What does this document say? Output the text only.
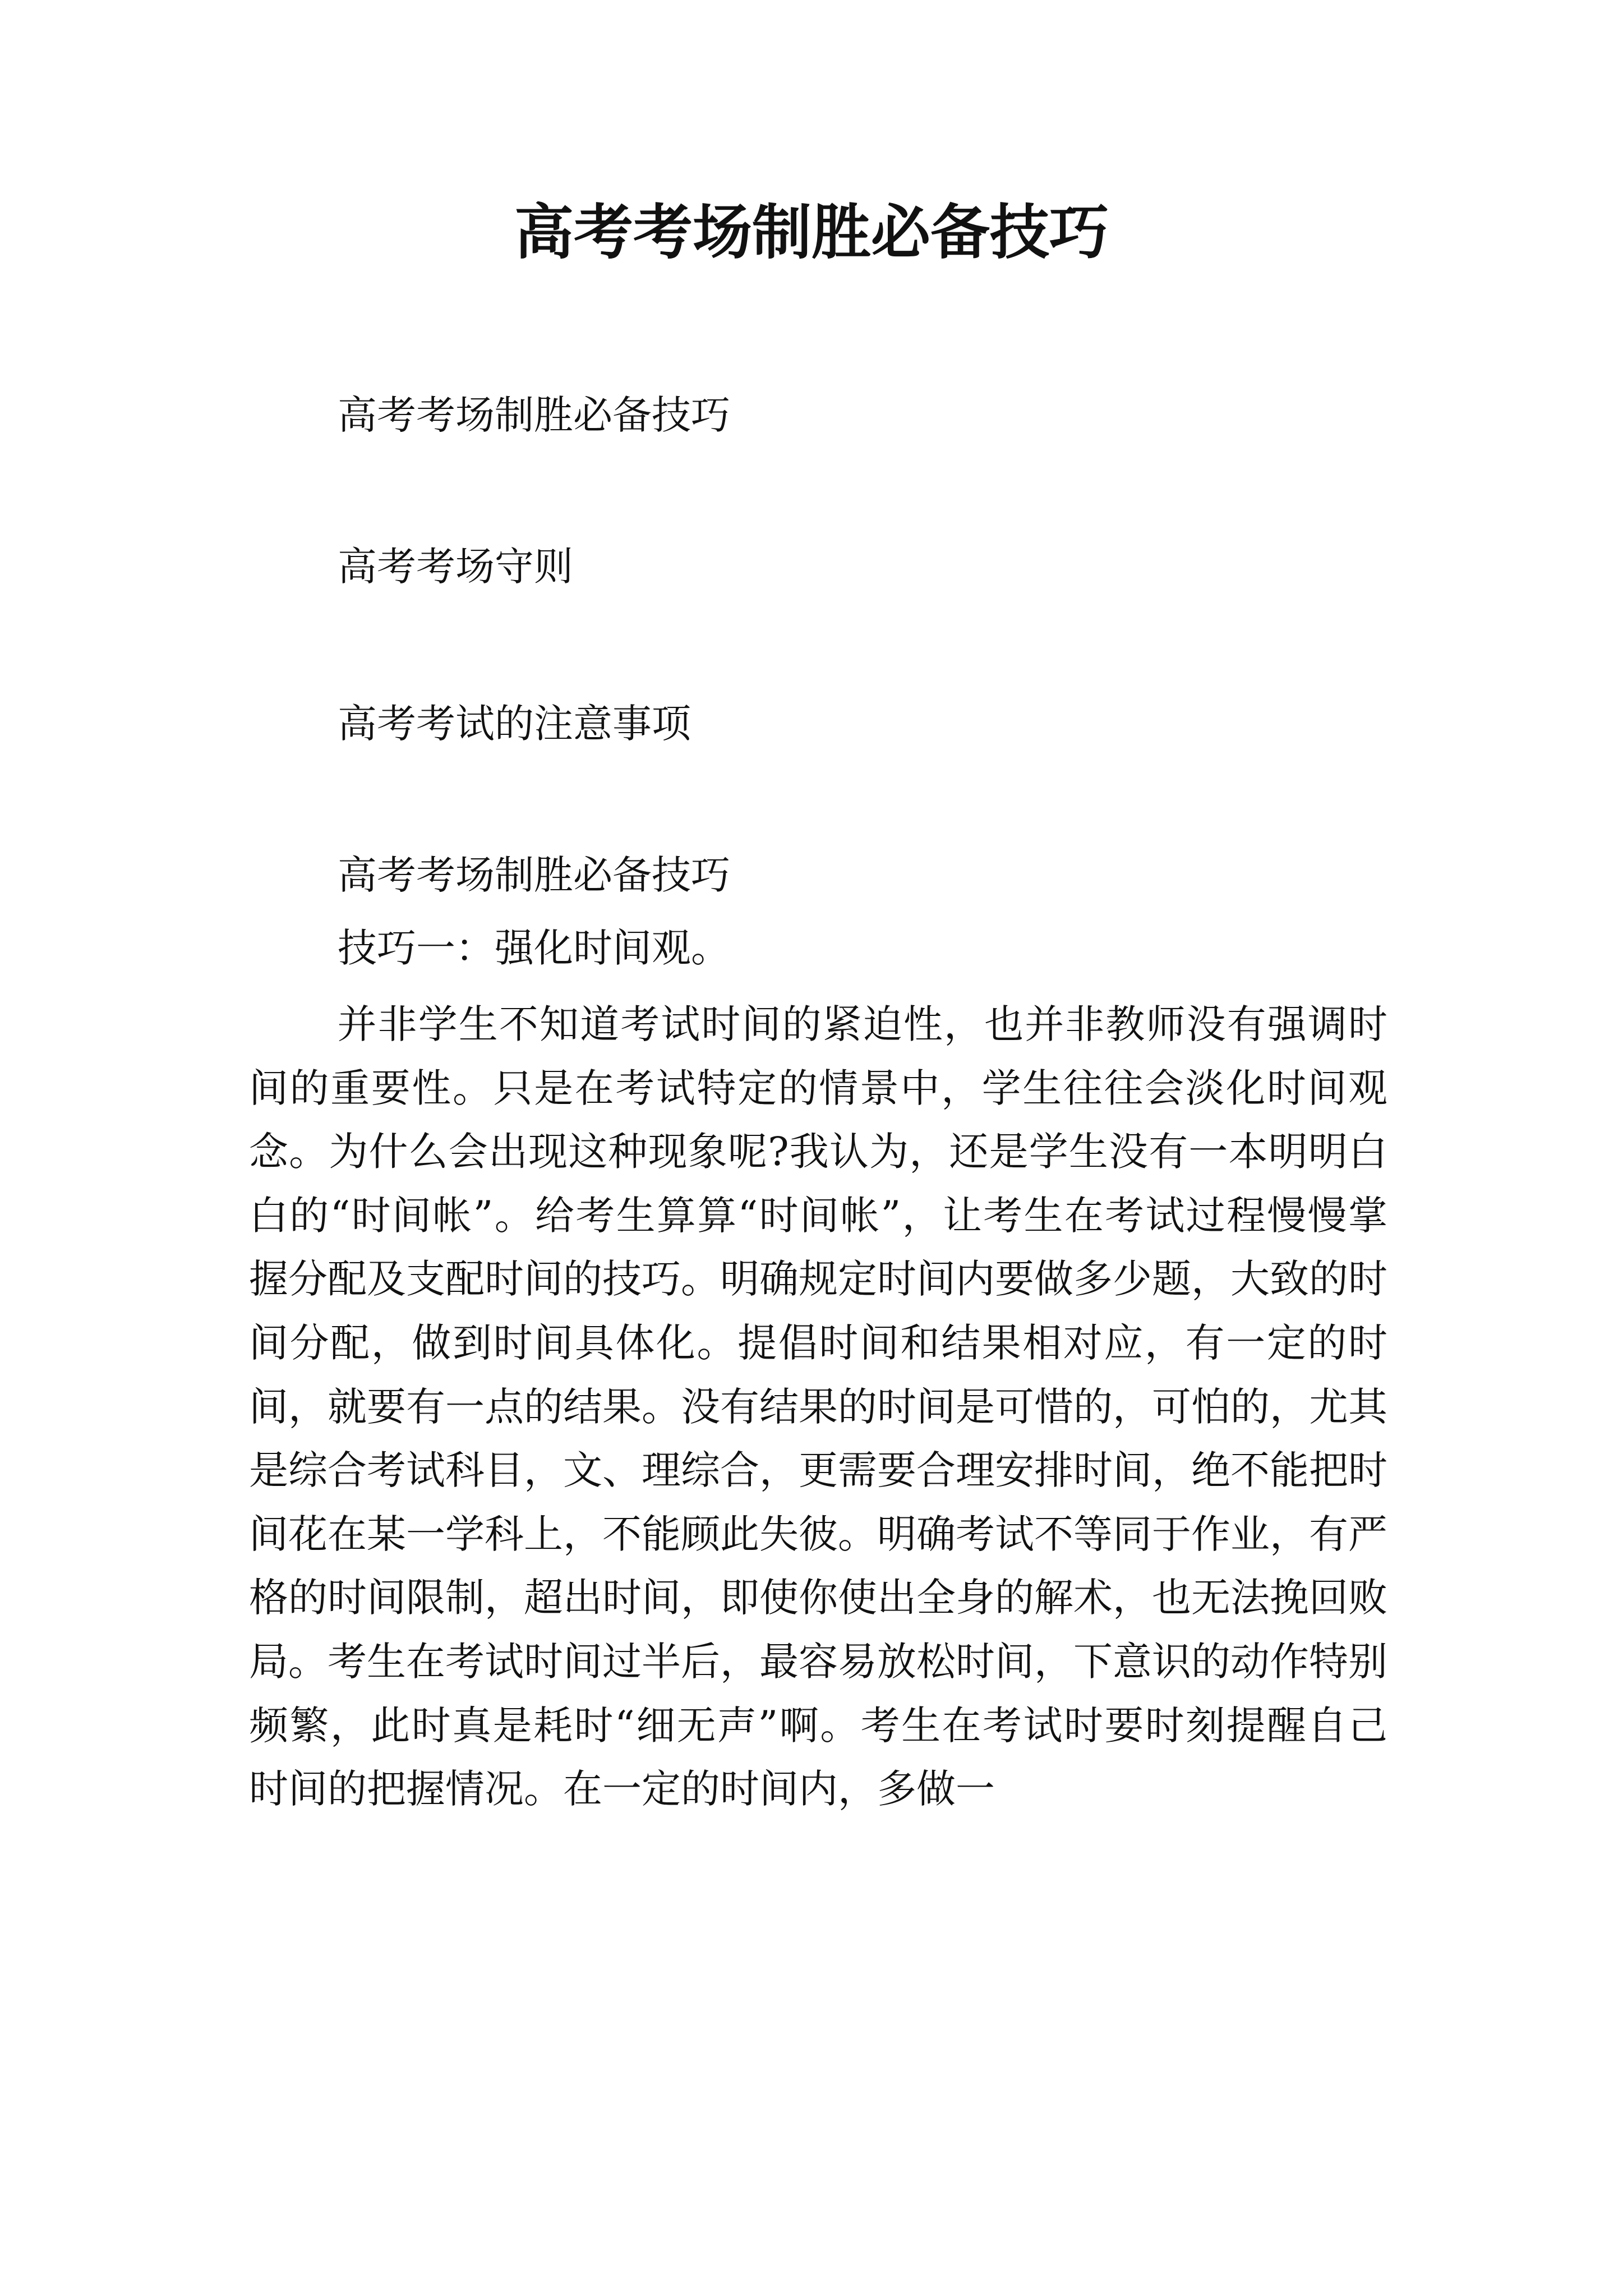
高考考场制胜必备技巧
高考考场制胜必备技巧
高考考场守则
高考考试的注意事项
高考考场制胜必备技巧
技巧一：强化时间观。

并非学生不知道考试时间的紧迫性，也并非教师没有强调时间的重要性。只是在考试特定的情景中，学生往往会淡化时间观念。为什么会出现这种现象呢?我认为，还是学生没有一本明明白白的“时间帐”。给考生算算“时间帐”，让考生在考试过程慢慢掌握分配及支配时间的技巧。明确规定时间内要做多少题，大致的时间分配，做到时间具体化。提倡时间和结果相对应，有一定的时间，就要有一点的结果。没有结果的时间是可惜的，可怕的，尤其是综合考试科目，文、理综合，更需要合理安排时间，绝不能把时间花在某一学科上，不能顾此失彼。明确考试不等同于作业，有严格的时间限制，超出时间，即使你使出全身的解术，也无法挽回败局。考生在考试时间过半后，最容易放松时间，下意识的动作特别频繁，此时真是耗时“细无声”啊。考生在考试时要时刻提醒自己时间的把握情况。在一定的时间内，多做一
